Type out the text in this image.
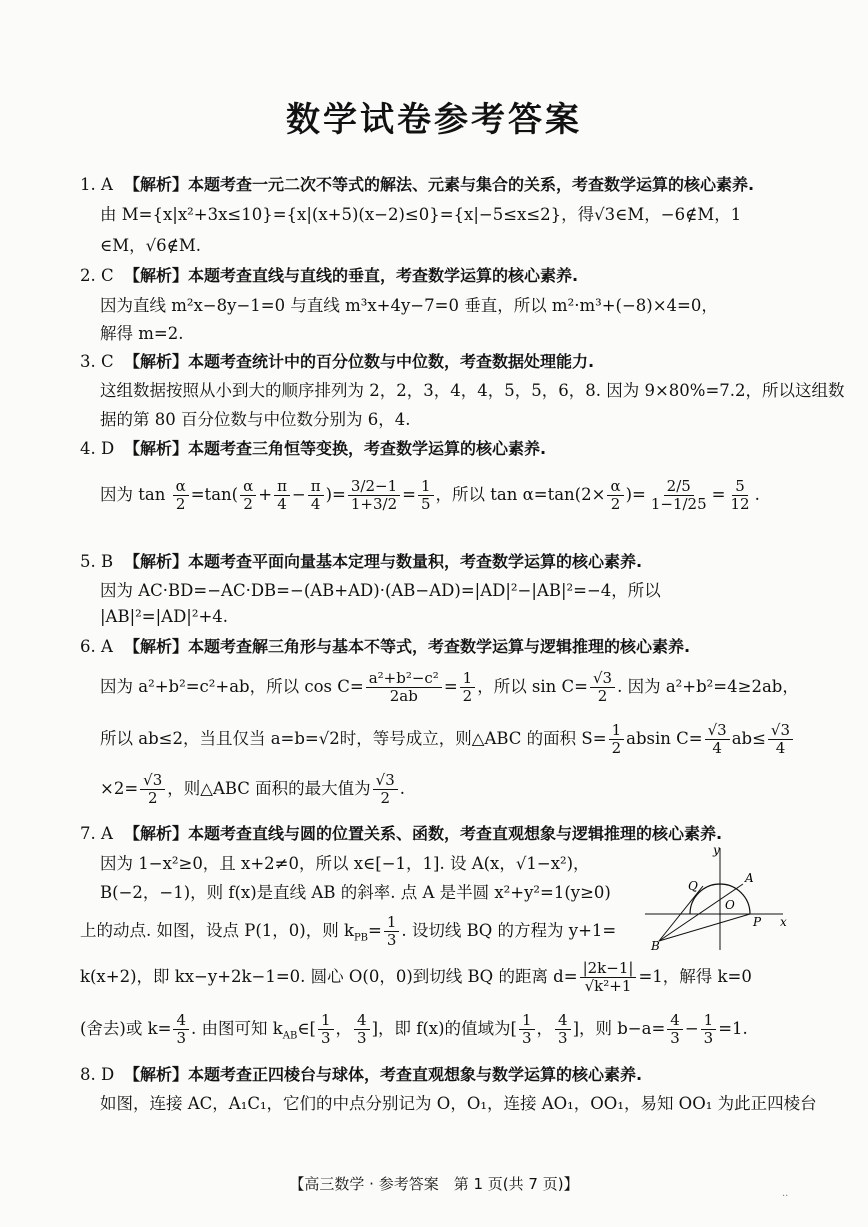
数学试卷参考答案
1. A 【解析】本题考查一元二次不等式的解法、元素与集合的关系，考查数学运算的核心素养.
由 M={x|x²+3x≤10}={x|(x+5)(x−2)≤0}={x|−5≤x≤2}，得√3∈M，−6∉M，1
∈M，√6∉M.
2. C 【解析】本题考查直线与直线的垂直，考查数学运算的核心素养.
因为直线 m²x−8y−1=0 与直线 m³x+4y−7=0 垂直，所以 m²·m³+(−8)×4=0，
解得 m=2.
3. C 【解析】本题考查统计中的百分位数与中位数，考查数据处理能力.
这组数据按照从小到大的顺序排列为 2，2，3，4，4，5，5，6，8. 因为 9×80%=7.2，所以这组数
据的第 80 百分位数与中位数分别为 6，4.
4. D 【解析】本题考查三角恒等变换，考查数学运算的核心素养.
因为 $\tan \frac{\alpha}{2} =\tan( \frac{\alpha}{2} + \frac{\pi}{4} - \frac{\pi}{4}$ )= $\frac{3/2-1}{1+3/2} = \frac{1}{5}$ ，所以 $\tan \alpha=\tan(2\times \frac{\alpha}{2}$ )= $\frac{2/5}{1-1/25} = \frac{5}{12}$ .
5. B 【解析】本题考查平面向量基本定理与数量积，考查数学运算的核心素养.
因为 AC·BD=−AC·DB=−(AB+AD)·(AB−AD)=|AD|²−|AB|²=−4，所以
|AB|²=|AD|²+4.
6. A 【解析】本题考查解三角形与基本不等式，考查数学运算与逻辑推理的核心素养.
因为 a²+b²=c²+ab，所以 $\cos C= \frac{\text{a²+b²−c²}}{2ab} = \frac{1}{2}$ ，所以 $\sin C= \frac{√3}{2}$ . 因为 a²+b²=4≥2ab，
所以 ab≤2，当且仅当 a=b=√2时，等号成立，则△ABC 的面积 $S= \frac{1}{2}$ absin $C= \frac{√3}{4} ab\le \frac{√3}{4}$
$\times 2= \frac{√3}{2}$ ，则△ABC 面积的最大值为 $\frac{√3}{2}$ .
7. A 【解析】本题考查直线与圆的位置关系、函数，考查直观想象与逻辑推理的核心素养.
因为 1−x²≥0，且 x+2≠0，所以 x∈[−1，1]. 设 A(x，√1−x²)，
B(−2，−1)，则 f(x)是直线 AB 的斜率. 点 A 是半圆 x²+y²=1(y≥0)
上的动点. 如图，设点 P(1，0)，则 $k_{PB}= \frac{1}{3}$ . 设切线 BQ 的方程为 y+1=
k(x+2)，即 kx−y+2k−1=0. 圆心 O(0，0)到切线 BQ 的距离 $d= \frac{|2k-1|}{\text{√k²+1}} =1$，解得 k=0
(舍去)或 $k= \frac{4}{3}$ . 由图可知 $k_{AB}\in[ \frac{1}{3}$ ， $\frac{4}{3}$ ]，即 f(x)的值域为[ $\frac{1}{3}$ ， $\frac{4}{3}$ ]，则 $b-a= \frac{4}{3} - \frac{1}{3} =1$.
y
x
Q
A
O
P
B
8. D 【解析】本题考查正四棱台与球体，考查直观想象与数学运算的核心素养.
如图，连接 AC，A₁C₁，它们的中点分别记为 O，O₁，连接 AO₁，OO₁，易知 OO₁ 为此正四棱台
【高三数学 · 参考答案　第 1 页(共 7 页)】
..
